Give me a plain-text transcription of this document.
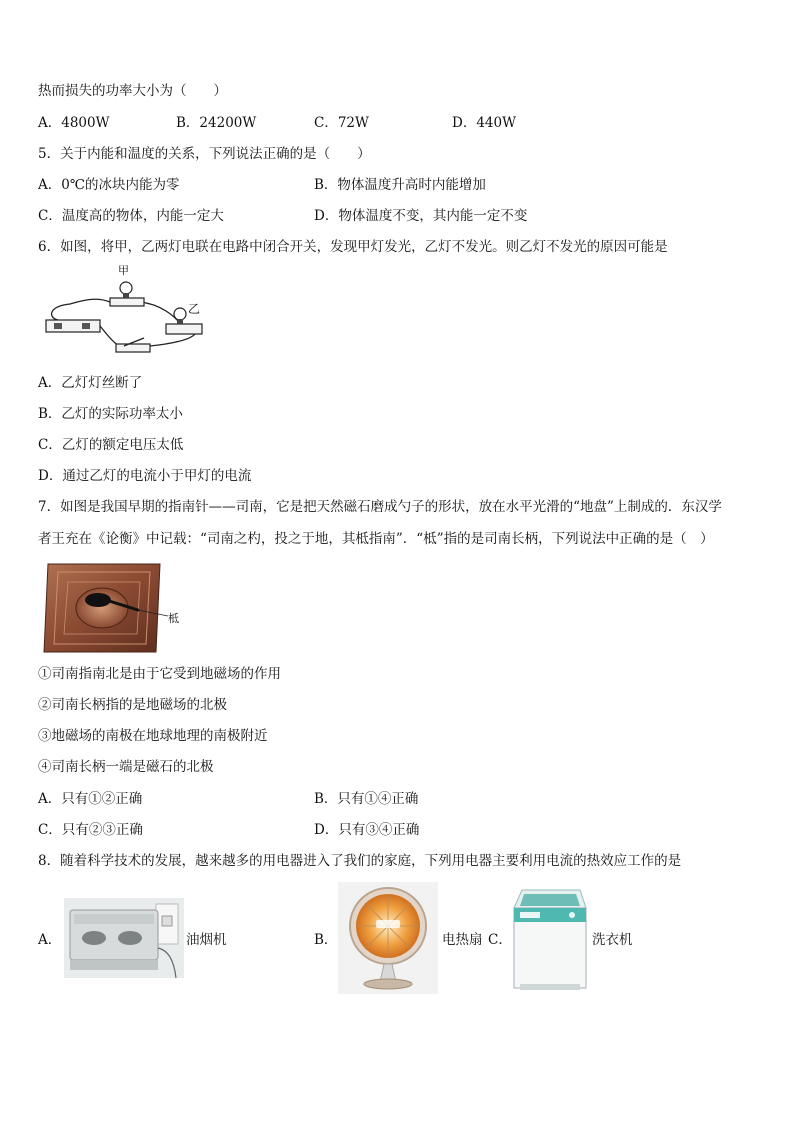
热而损失的功率大小为（　　）
A．4800W	B．24200W	C．72W	D．440W
5．关于内能和温度的关系，下列说法正确的是（　　）
A．0℃的冰块内能为零	B．物体温度升高时内能增加
C．温度高的物体，内能一定大	D．物体温度不变，其内能一定不变
6．如图，将甲，乙两灯电联在电路中闭合开关，发现甲灯发光，乙灯不发光。则乙灯不发光的原因可能是
甲
乙
A．乙灯灯丝断了
B．乙灯的实际功率太小
C．乙灯的额定电压太低
D．通过乙灯的电流小于甲灯的电流
7．如图是我国早期的指南针——司南，它是把天然磁石磨成勺子的形状，放在水平光滑的“地盘”上制成的．东汉学
者王充在《论衡》中记载：“司南之杓，投之于地，其柢指南”．“柢”指的是司南长柄，下列说法中正确的是（　）
柢
①司南指南北是由于它受到地磁场的作用
②司南长柄指的是地磁场的北极
③地磁场的南极在地球地理的南极附近
④司南长柄一端是磁石的北极
A．只有①②正确	B．只有①④正确
C．只有②③正确	D．只有③④正确
8．随着科学技术的发展，越来越多的用电器进入了我们的家庭，下列用电器主要利用电流的热效应工作的是
A．	油烟机	B．	电热扇 C．	洗衣机
